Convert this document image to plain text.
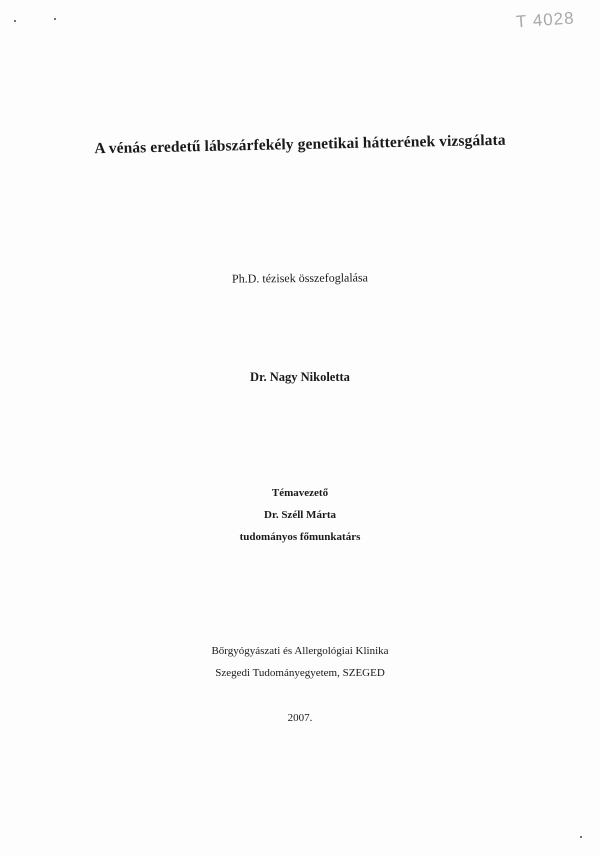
T 4028
A vénás eredetű lábszárfekély genetikai hátterének vizsgálata
Ph.D. tézisek összefoglalása
Dr. Nagy Nikoletta
Témavezető
Dr. Széll Márta
tudományos főmunkatárs
Bőrgyógyászati és Allergológiai Klinika
Szegedi Tudományegyetem, SZEGED
2007.
